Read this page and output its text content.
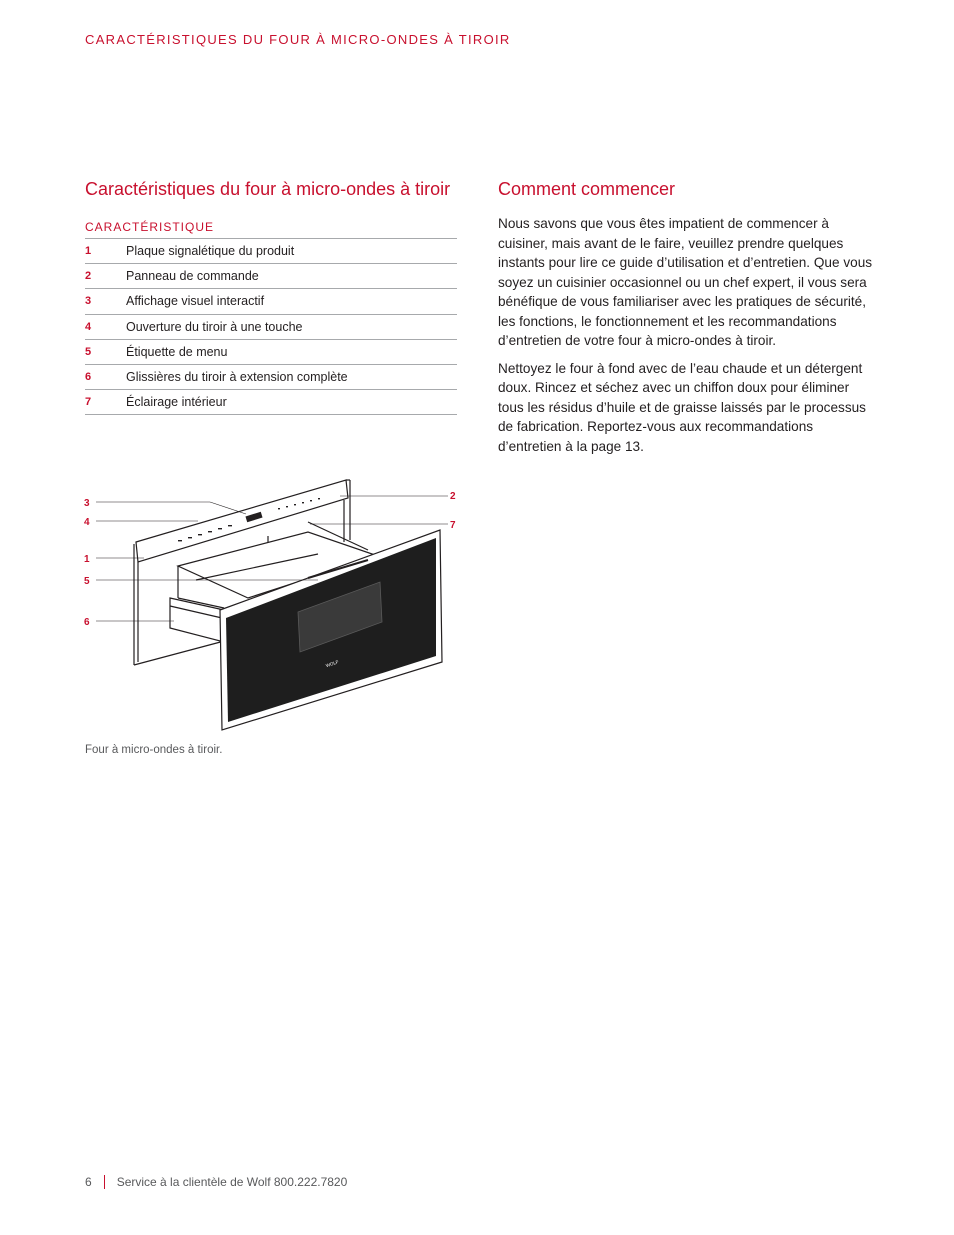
CARACTÉRISTIQUES DU FOUR À MICRO-ONDES À TIROIR
Caractéristiques du four à micro-ondes à tiroir
CARACTÉRISTIQUE
1	Plaque signalétique du produit
2	Panneau de commande
3	Affichage visuel interactif
4	Ouverture du tiroir à une touche
5	Étiquette de menu
6	Glissières du tiroir à extension complète
7	Éclairage intérieur
Comment commencer

Nous savons que vous êtes impatient de commencer à cuisiner, mais avant de le faire, veuillez prendre quelques instants pour lire ce guide d’utilisation et d’entretien. Que vous soyez un cuisinier occasionnel ou un chef expert, il vous sera bénéfique de vous familiariser avec les pratiques de sécurité, les fonctions, le fonctionnement et les recommandations d’entretien de votre four à micro-ondes à tiroir.

Nettoyez le four à fond avec de l’eau chaude et un détergent doux. Rincez et séchez avec un chiffon doux pour éliminer tous les résidus d’huile et de graisse laissés par le processus de fabrication. Reportez-vous aux recommandations d’entretien à la page 13.

WOLF
3
4
1
5
6
2
7
Four à micro-ondes à tiroir.
6 Service à la clientèle de Wolf 800.222.7820
